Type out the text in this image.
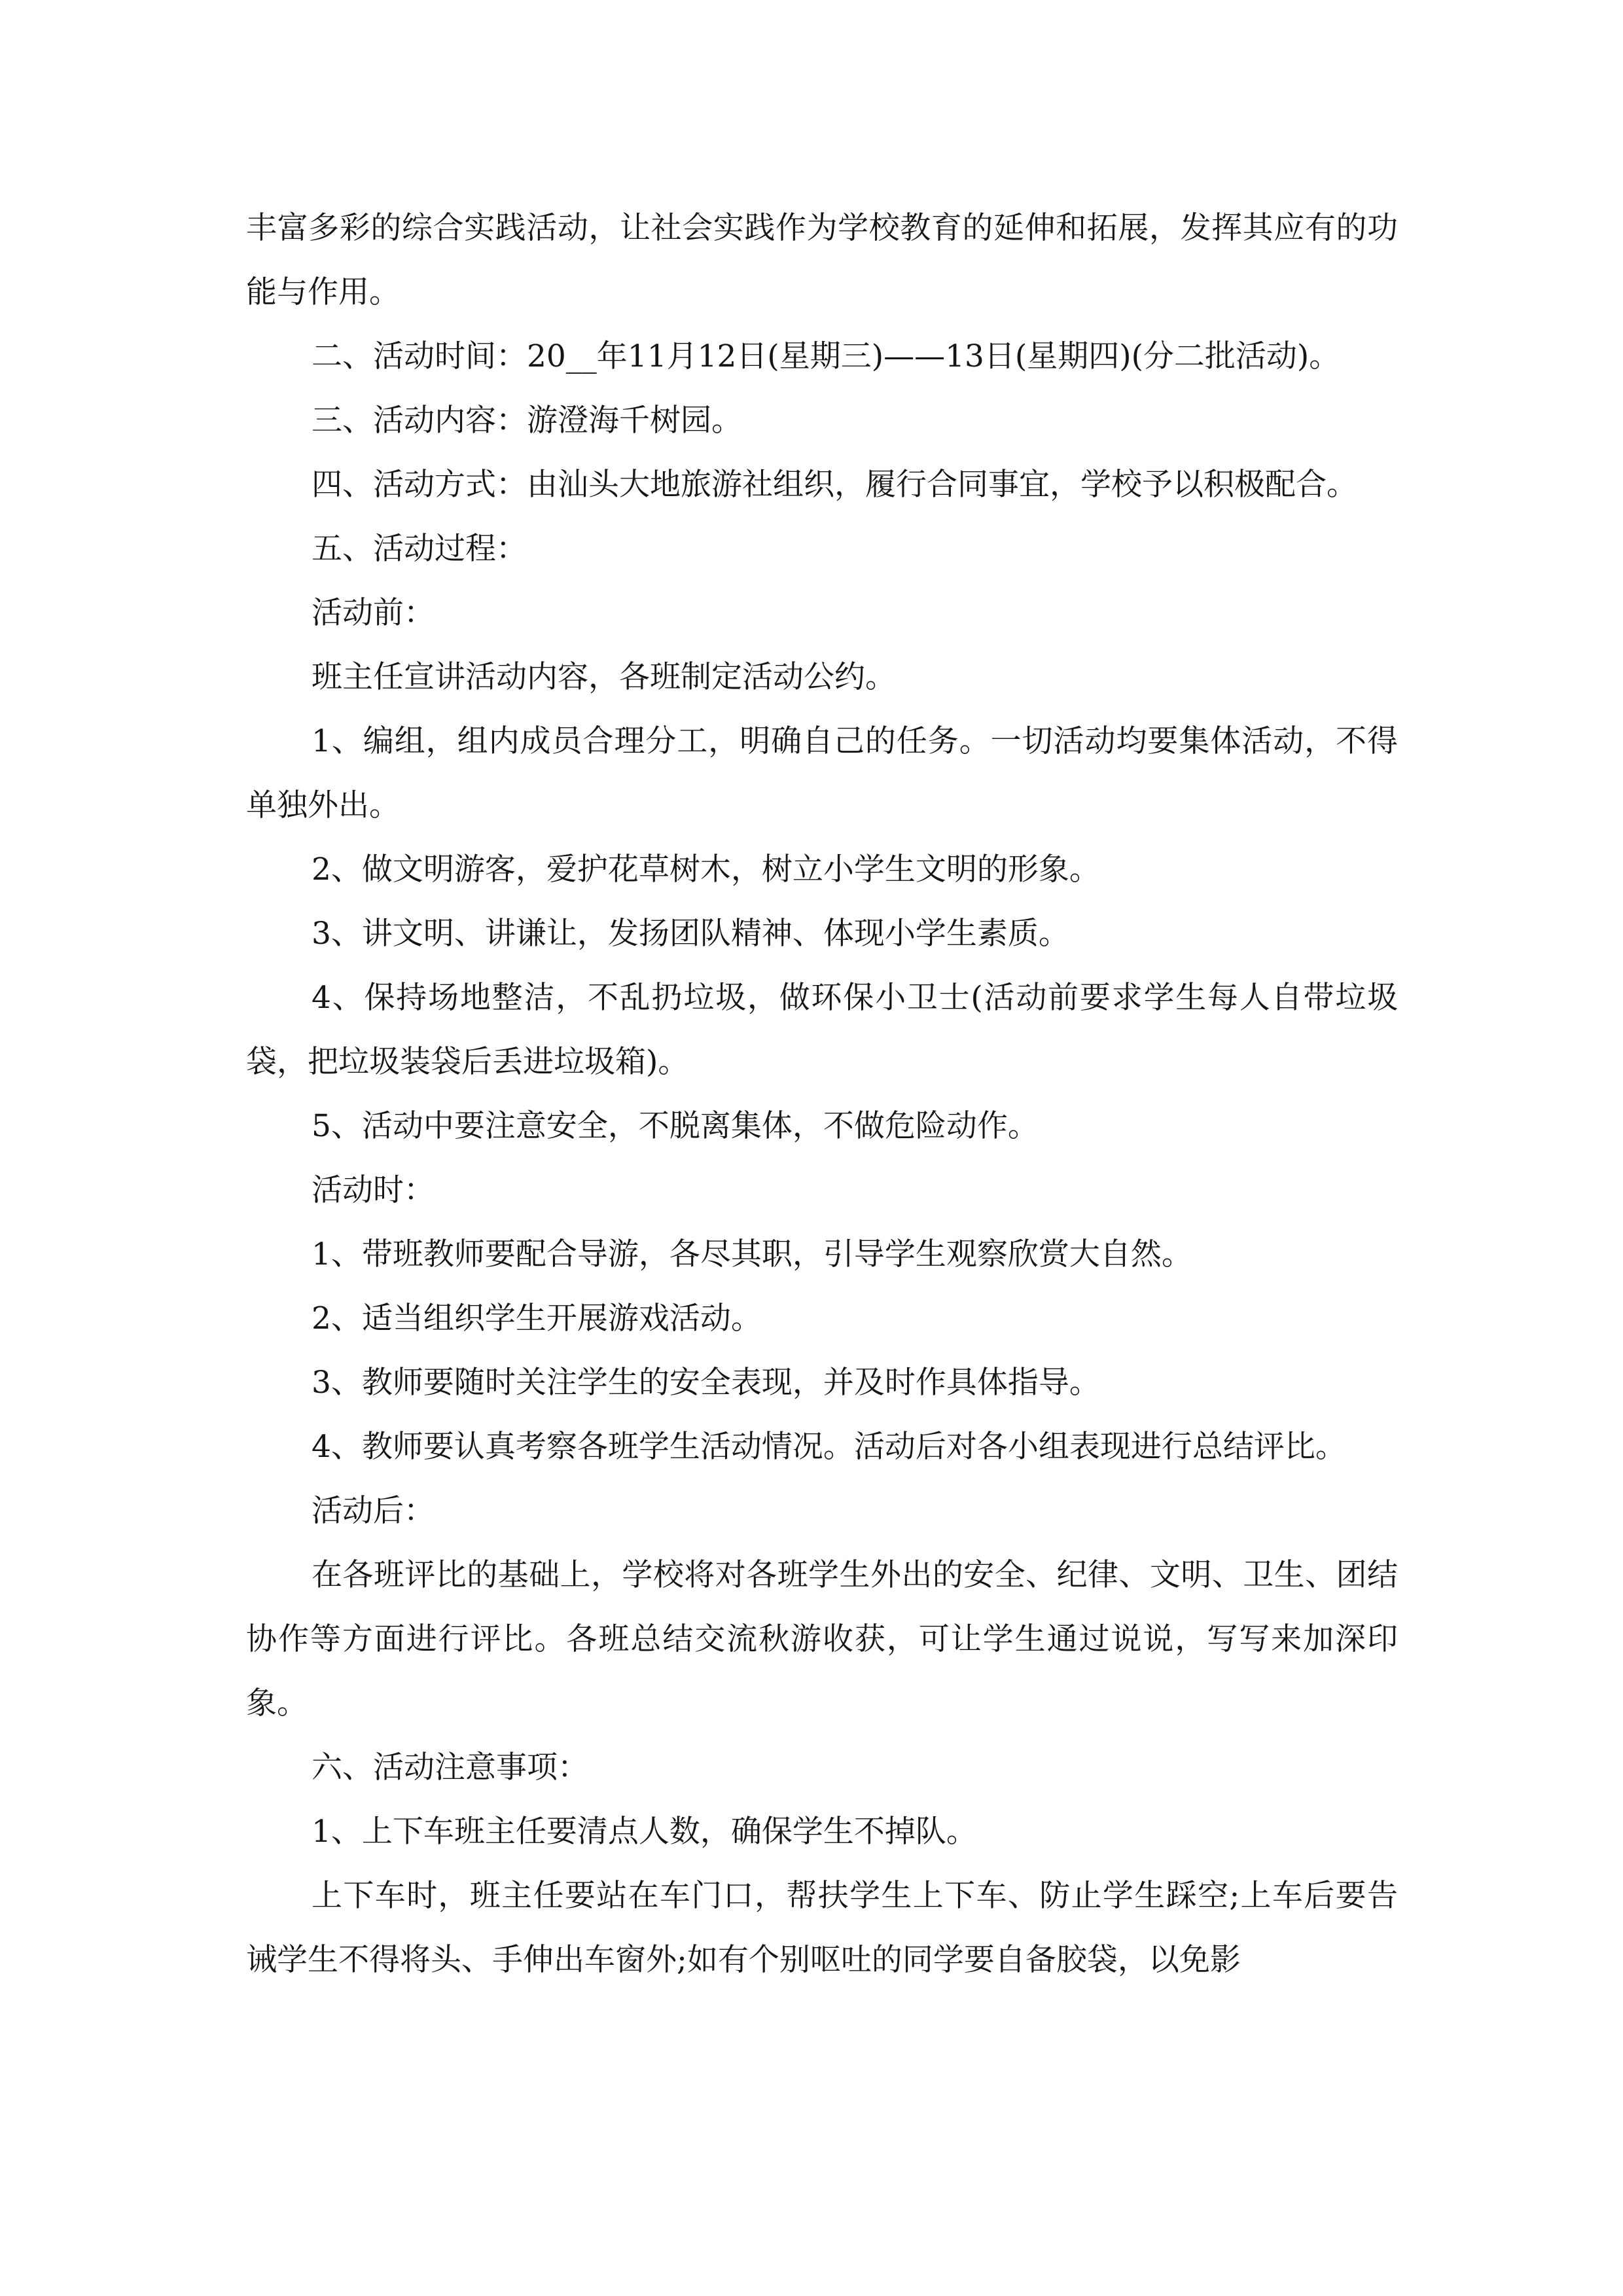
丰富多彩的综合实践活动，让社会实践作为学校教育的延伸和拓展，发挥其应有的功能与作用。

二、活动时间：20__年11月12日(星期三)——13日(星期四)(分二批活动)。

三、活动内容：游澄海千树园。

四、活动方式：由汕头大地旅游社组织，履行合同事宜，学校予以积极配合。

五、活动过程：

活动前：

班主任宣讲活动内容，各班制定活动公约。

1、编组，组内成员合理分工，明确自己的任务。一切活动均要集体活动，不得单独外出。

2、做文明游客，爱护花草树木，树立小学生文明的形象。

3、讲文明、讲谦让，发扬团队精神、体现小学生素质。

4、保持场地整洁，不乱扔垃圾，做环保小卫士(活动前要求学生每人自带垃圾袋，把垃圾装袋后丢进垃圾箱)。

5、活动中要注意安全，不脱离集体，不做危险动作。

活动时：

1、带班教师要配合导游，各尽其职，引导学生观察欣赏大自然。

2、适当组织学生开展游戏活动。

3、教师要随时关注学生的安全表现，并及时作具体指导。

4、教师要认真考察各班学生活动情况。活动后对各小组表现进行总结评比。

活动后：

在各班评比的基础上，学校将对各班学生外出的安全、纪律、文明、卫生、团结协作等方面进行评比。各班总结交流秋游收获，可让学生通过说说，写写来加深印象。

六、活动注意事项：

1、上下车班主任要清点人数，确保学生不掉队。

上下车时，班主任要站在车门口，帮扶学生上下车、防止学生踩空;上车后要告诫学生不得将头、手伸出车窗外;如有个别呕吐的同学要自备胶袋，以免影
